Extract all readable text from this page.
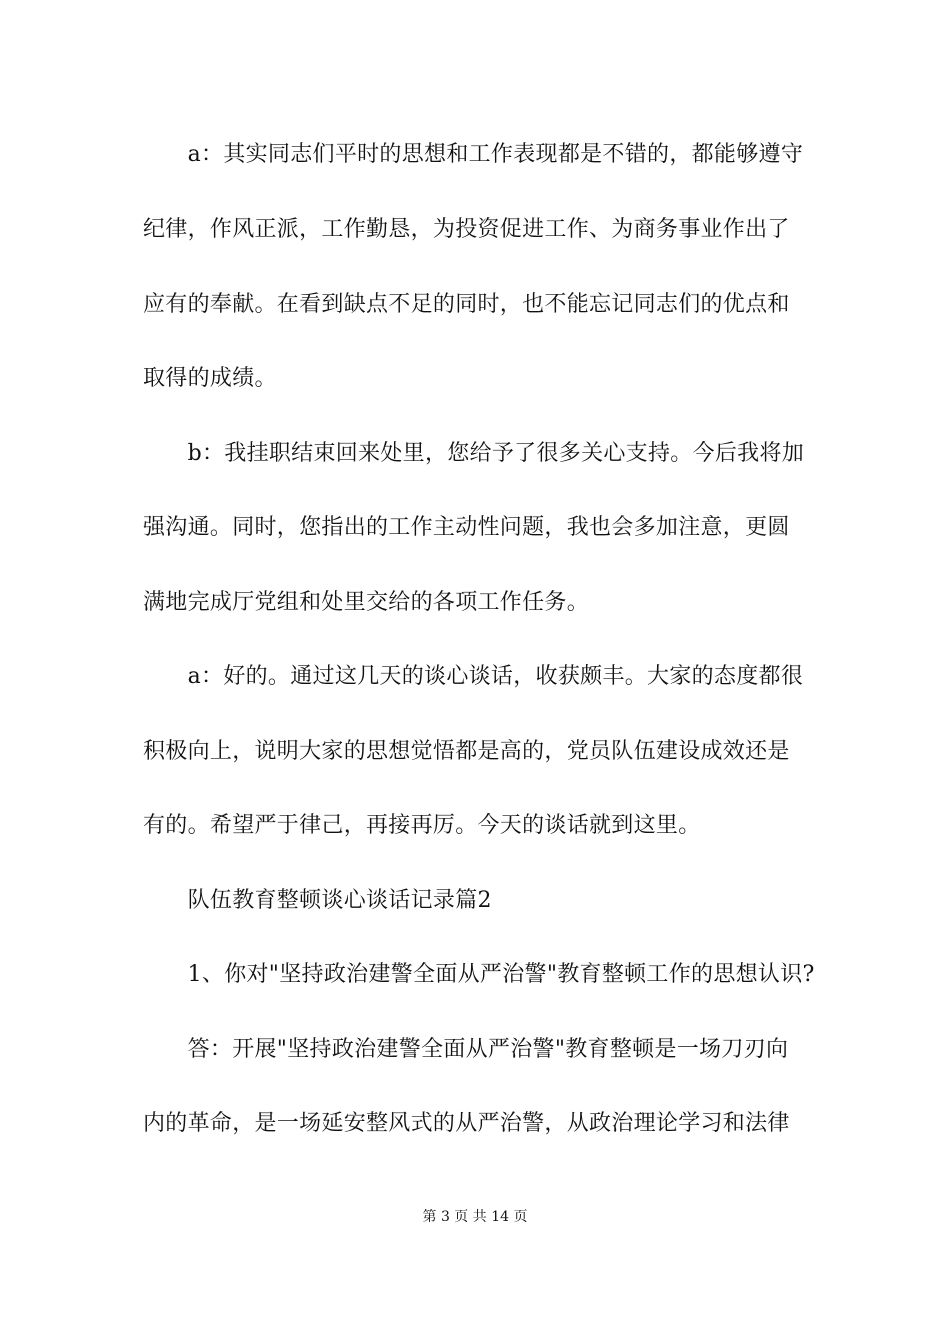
　　a：其实同志们平时的思想和工作表现都是不错的，都能够遵守
纪律，作风正派，工作勤恳，为投资促进工作、为商务事业作出了
应有的奉献。在看到缺点不足的同时，也不能忘记同志们的优点和
取得的成绩。
　　b：我挂职结束回来处里，您给予了很多关心支持。今后我将加
强沟通。同时，您指出的工作主动性问题，我也会多加注意，更圆
满地完成厅党组和处里交给的各项工作任务。
　　a：好的。通过这几天的谈心谈话，收获颇丰。大家的态度都很
积极向上，说明大家的思想觉悟都是高的，党员队伍建设成效还是
有的。希望严于律己，再接再厉。今天的谈话就到这里。
　　队伍教育整顿谈心谈话记录篇2
　　1、你对"坚持政治建警全面从严治警"教育整顿工作的思想认识?
　　答：开展"坚持政治建警全面从严治警"教育整顿是一场刀刃向
内的革命，是一场延安整风式的从严治警，从政治理论学习和法律
第 3 页 共 14 页
